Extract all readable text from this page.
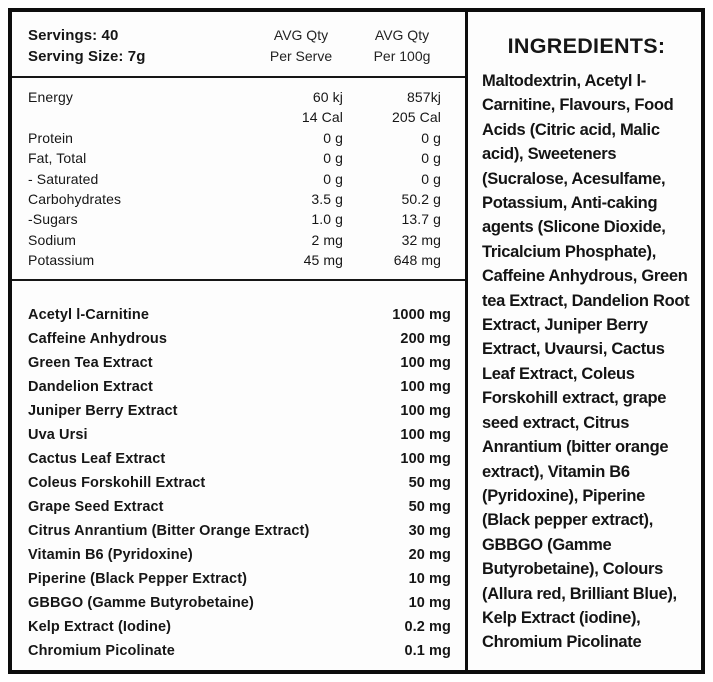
Servings: 40
Serving Size: 7g
AVG Qty
Per Serve
AVG Qty
Per 100g
Energy	60 kj	857kj
14 Cal	205 Cal
Protein	0 g	0 g
Fat, Total	0 g	0 g
- Saturated	0 g	0 g
Carbohydrates	3.5 g	50.2 g
-Sugars	1.0 g	13.7 g
Sodium	2 mg	32 mg
Potassium	45 mg	648 mg
Acetyl l-Carnitine	1000 mg
Caffeine Anhydrous	200 mg
Green Tea Extract	100 mg
Dandelion Extract	100 mg
Juniper Berry Extract	100 mg
Uva Ursi	100 mg
Cactus Leaf Extract	100 mg
Coleus Forskohill Extract	50 mg
Grape Seed Extract	50 mg
Citrus Anrantium (Bitter Orange Extract)	30 mg
Vitamin B6 (Pyridoxine)	20 mg
Piperine (Black Pepper Extract)	10 mg
GBBGO (Gamme Butyrobetaine)	10 mg
Kelp Extract (Iodine)	0.2 mg
Chromium Picolinate	0.1 mg
INGREDIENTS:
Maltodextrin, Acetyl l-Carnitine, Flavours, Food Acids (Citric acid, Malic acid), Sweeteners (Sucralose, Acesulfame, Potassium, Anti-caking agents (Slicone Dioxide, Tricalcium Phosphate), Caffeine Anhydrous, Green tea Extract, Dandelion Root Extract, Juniper Berry Extract, Uvaursi, Cactus Leaf Extract, Coleus Forskohill extract, grape seed extract, Citrus Anrantium (bitter orange extract), Vitamin B6 (Pyridoxine), Piperine (Black pepper extract), GBBGO (Gamme Butyrobetaine), Colours (Allura red, Brilliant Blue), Kelp Extract (iodine), Chromium Picolinate
